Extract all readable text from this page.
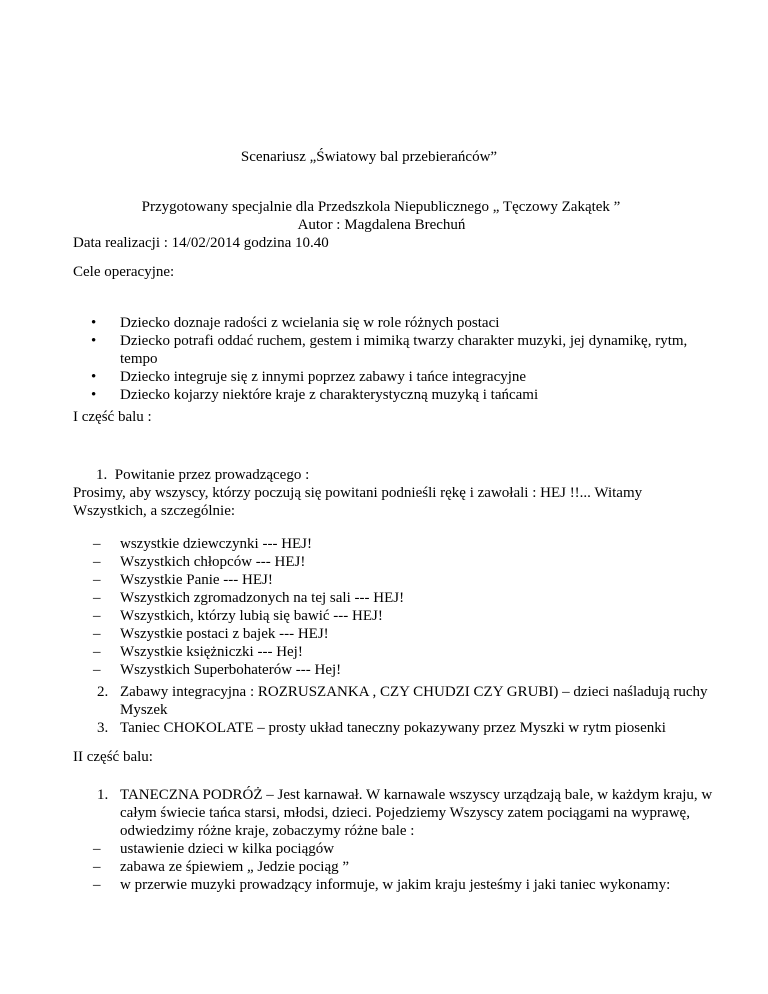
Scenariusz „Światowy bal przebierańców”
Przygotowany specjalnie dla Przedszkola Niepublicznego „ Tęczowy Zakątek ”
Autor : Magdalena Brechuń
Data realizacji : 14/02/2014 godzina 10.40
Cele operacyjne:
• Dziecko doznaje radości z wcielania się w role różnych postaci
• Dziecko potrafi oddać ruchem, gestem i mimiką twarzy charakter muzyki, jej dynamikę, rytm, tempo
• Dziecko integruje się z innymi poprzez zabawy i tańce integracyjne
• Dziecko kojarzy niektóre kraje z charakterystyczną muzyką i tańcami
I część balu :
1. Powitanie przez prowadzącego :
Prosimy, aby wszyscy, którzy poczują się powitani podnieśli rękę i zawołali : HEJ !!... Witamy Wszystkich, a szczególnie:
– wszystkie dziewczynki --- HEJ!
– Wszystkich chłopców --- HEJ!
– Wszystkie Panie --- HEJ!
– Wszystkich zgromadzonych na tej sali --- HEJ!
– Wszystkich, którzy lubią się bawić --- HEJ!
– Wszystkie postaci z bajek --- HEJ!
– Wszystkie księżniczki --- Hej!
– Wszystkich Superbohaterów --- Hej!
2. Zabawy integracyjna : ROZRUSZANKA , CZY CHUDZI CZY GRUBI) – dzieci naśladują ruchy Myszek
3. Taniec CHOKOLATE – prosty układ taneczny pokazywany przez Myszki w rytm piosenki
II część balu:
1. TANECZNA PODRÓŻ – Jest karnawał. W karnawale wszyscy urządzają bale, w każdym kraju, w całym świecie tańca starsi, młodsi, dzieci. Pojedziemy Wszyscy zatem pociągami na wyprawę, odwiedzimy różne kraje, zobaczymy różne bale :
– ustawienie dzieci w kilka pociągów
– zabawa ze śpiewiem „ Jedzie pociąg ”
– w przerwie muzyki prowadzący informuje, w jakim kraju jesteśmy i jaki taniec wykonamy:
